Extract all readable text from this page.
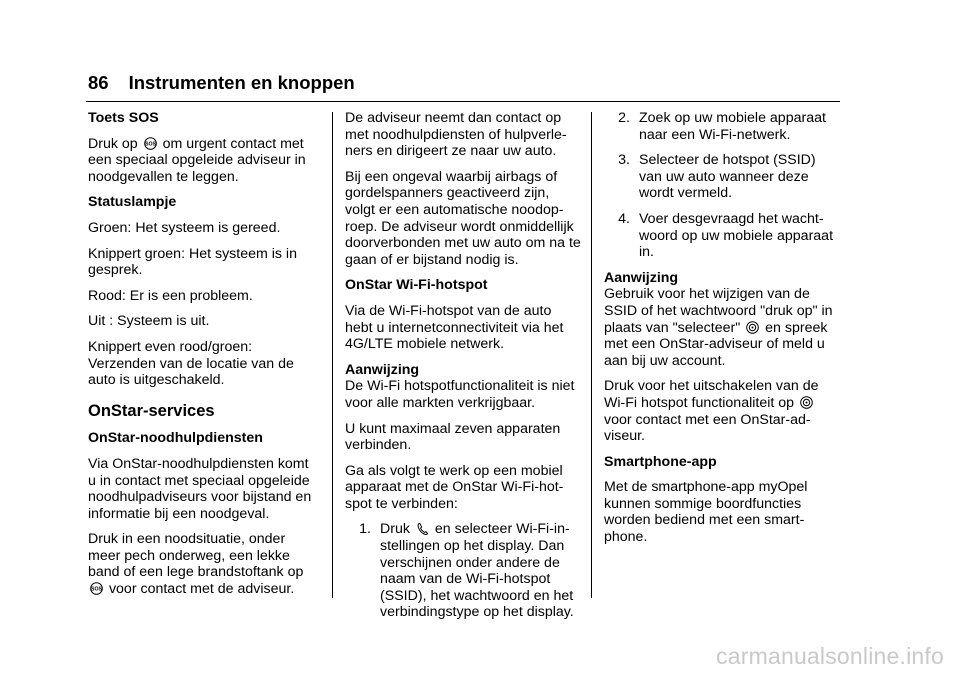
86 Instrumenten en knoppen

Toets SOS

Druk op SOS om urgent contact met een speciaal opgeleide adviseur in noodgevallen te leggen.

Statuslampje

Groen: Het systeem is gereed.

Knippert groen: Het systeem is in gesprek.

Rood: Er is een probleem.

Uit : Systeem is uit.

Knippert even rood/groen: Verzenden van de locatie van de auto is uitgeschakeld.

OnStar-services

OnStar-noodhulpdiensten

Via OnStar-noodhulpdiensten komt u in contact met speciaal opgeleide noodhulpadviseurs voor bijstand en informatie bij een noodgeval.

Druk in een noodsituatie, onder meer pech onderweg, een lekke band of een lege brandstoftank op
SOS voor contact met de adviseur.

De adviseur neemt dan contact op met noodhulpdiensten of hulpverle-ners en dirigeert ze naar uw auto.

Bij een ongeval waarbij airbags of gordelspanners geactiveerd zijn, volgt er een automatische noodop-roep. De adviseur wordt onmiddellijk doorverbonden met uw auto om na te gaan of er bijstand nodig is.

OnStar Wi-Fi-hotspot

Via de Wi-Fi-hotspot van de auto hebt u internetconnectiviteit via het 4G/LTE mobiele netwerk.

Aanwijzing

De Wi-Fi hotspotfunctionaliteit is niet voor alle markten verkrijgbaar.

U kunt maximaal zeven apparaten verbinden.

Ga als volgt te werk op een mobiel apparaat met de OnStar Wi-Fi-hot-spot te verbinden:

1. Druk en selecteer Wi-Fi-in-stellingen op het display. Dan verschijnen onder andere de naam van de Wi-Fi-hotspot (SSID), het wachtwoord en het verbindingstype op het display.
2. Zoek op uw mobiele apparaat naar een Wi-Fi-netwerk.
3. Selecteer de hotspot (SSID) van uw auto wanneer deze wordt vermeld.
4. Voer desgevraagd het wacht-woord op uw mobiele apparaat in.

Aanwijzing

Gebruik voor het wijzigen van de SSID of het wachtwoord "druk op" in plaats van "selecteer" en spreek met een OnStar-adviseur of meld u aan bij uw account.

Druk voor het uitschakelen van de Wi-Fi hotspot functionaliteit op
voor contact met een OnStar-ad-viseur.

Smartphone-app

Met de smartphone-app myOpel kunnen sommige boordfuncties worden bediend met een smart-phone.

carmanualsonline.info
